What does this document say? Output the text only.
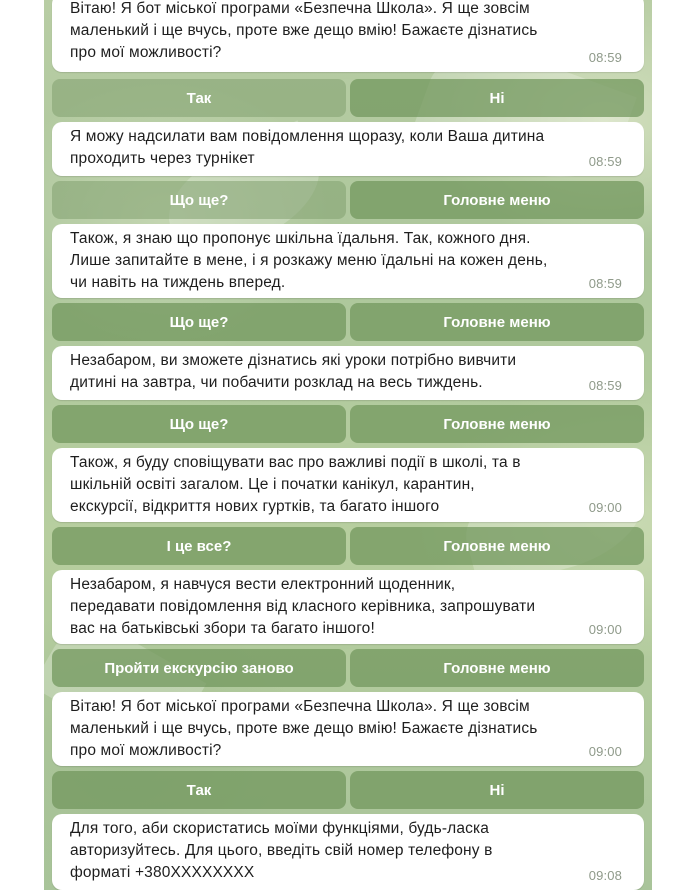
Вітаю! Я бот міської програми «Безпечна Школа». Я ще зовсім
маленький і ще вчусь, проте вже дещо вмію! Бажаєте дізнатись
про мої можливості?	08:59
Так	Ні
Я можу надсилати вам повідомлення щоразу, коли Ваша дитина
проходить через турнікет	08:59
Що ще?	Головне меню
Також, я знаю що пропонує шкільна їдальня. Так, кожного дня.
Лише запитайте в мене, і я розкажу меню їдальні на кожен день,
чи навіть на тиждень вперед.	08:59
Що ще?	Головне меню
Незабаром, ви зможете дізнатись які уроки потрібно вивчити
дитині на завтра, чи побачити розклад на весь тиждень.	08:59
Що ще?	Головне меню
Також, я буду сповіщувати вас про важливі події в школі, та в
шкільній освіті загалом. Це і початки канікул, карантин,
екскурсії, відкриття нових гуртків, та багато іншого	09:00
І це все?	Головне меню
Незабаром, я навчуся вести електронний щоденник,
передавати повідомлення від класного керівника, запрошувати
вас на батьківські збори та багато іншого!	09:00
Пройти екскурсію заново	Головне меню
Вітаю! Я бот міської програми «Безпечна Школа». Я ще зовсім
маленький і ще вчусь, проте вже дещо вмію! Бажаєте дізнатись
про мої можливості?	09:00
Так	Ні
Для того, аби скористатись моїми функціями, будь-ласка
авторизуйтесь. Для цього, введіть свій номер телефону в
форматі +380XXXXXXXX	09:08
